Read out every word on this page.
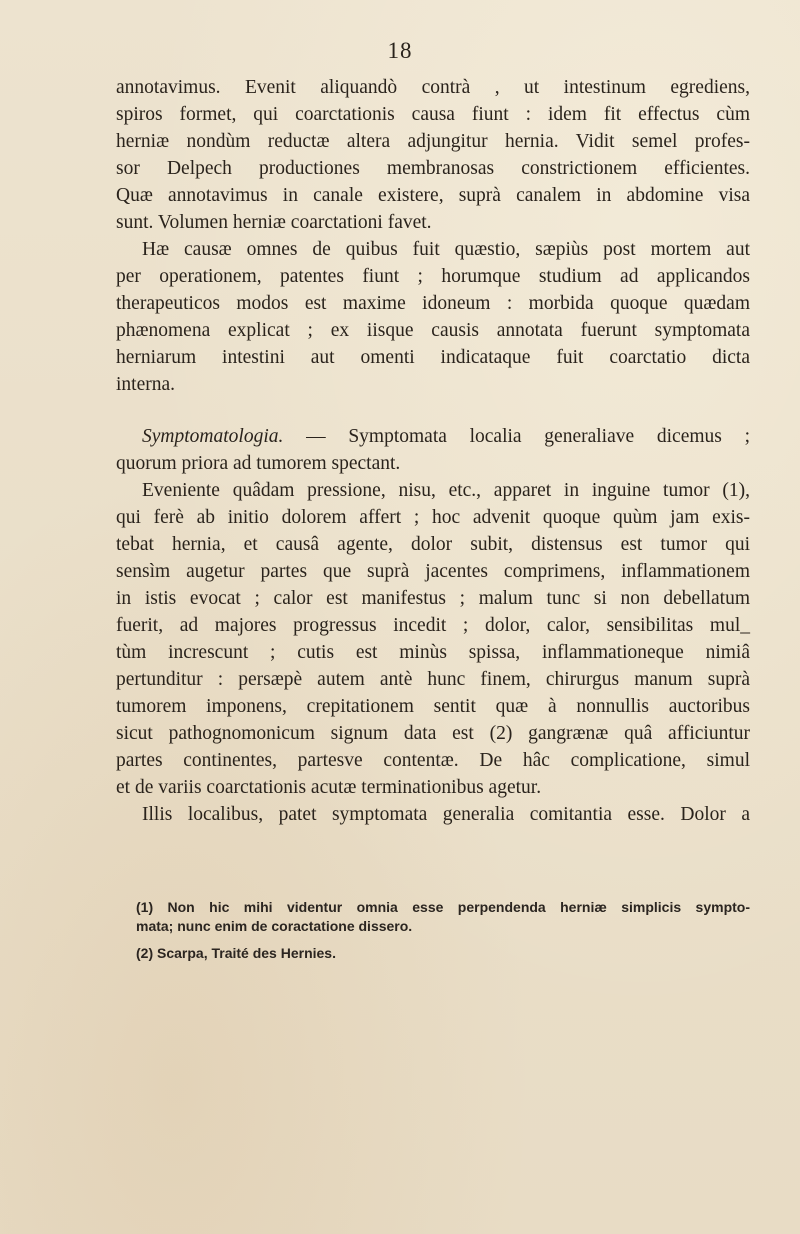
18
annotavimus. Evenit aliquandò contrà , ut intestinum egrediens,
spiros formet, qui coarctationis causa fiunt : idem fit effectus cùm
herniæ nondùm reductæ altera adjungitur hernia. Vidit semel profes-
sor Delpech productiones membranosas constrictionem efficientes.
Quæ annotavimus in canale existere, suprà canalem in abdomine visa
sunt. Volumen herniæ coarctationi favet.
Hæ causæ omnes de quibus fuit quæstio, sæpiùs post mortem aut
per operationem, patentes fiunt ; horumque studium ad applicandos
therapeuticos modos est maxime idoneum : morbida quoque quædam
phænomena explicat ; ex iisque causis annotata fuerunt symptomata
herniarum intestini aut omenti indicataque fuit coarctatio dicta
interna.
Symptomatologia. — Symptomata localia generaliave dicemus ;
quorum priora ad tumorem spectant.
Eveniente quâdam pressione, nisu, etc., apparet in inguine tumor (1),
qui ferè ab initio dolorem affert ; hoc advenit quoque quùm jam exis-
tebat hernia, et causâ agente, dolor subit, distensus est tumor qui
sensìm augetur partes que suprà jacentes comprimens, inflammationem
in istis evocat ; calor est manifestus ; malum tunc si non debellatum
fuerit, ad majores progressus incedit ; dolor, calor, sensibilitas mul_
tùm increscunt ; cutis est minùs spissa, inflammationeque nimiâ
pertunditur : persæpè autem antè hunc finem, chirurgus manum suprà
tumorem imponens, crepitationem sentit quæ à nonnullis auctoribus
sicut pathognomonicum signum data est (2) gangrænæ quâ afficiuntur
partes continentes, partesve contentæ. De hâc complicatione, simul
et de variis coarctationis acutæ terminationibus agetur.
Illis localibus, patet symptomata generalia comitantia esse. Dolor a
(1) Non hic mihi videntur omnia esse perpendenda herniæ simplicis sympto-
mata; nunc enim de coractatione dissero.
(2) Scarpa, Traité des Hernies.
